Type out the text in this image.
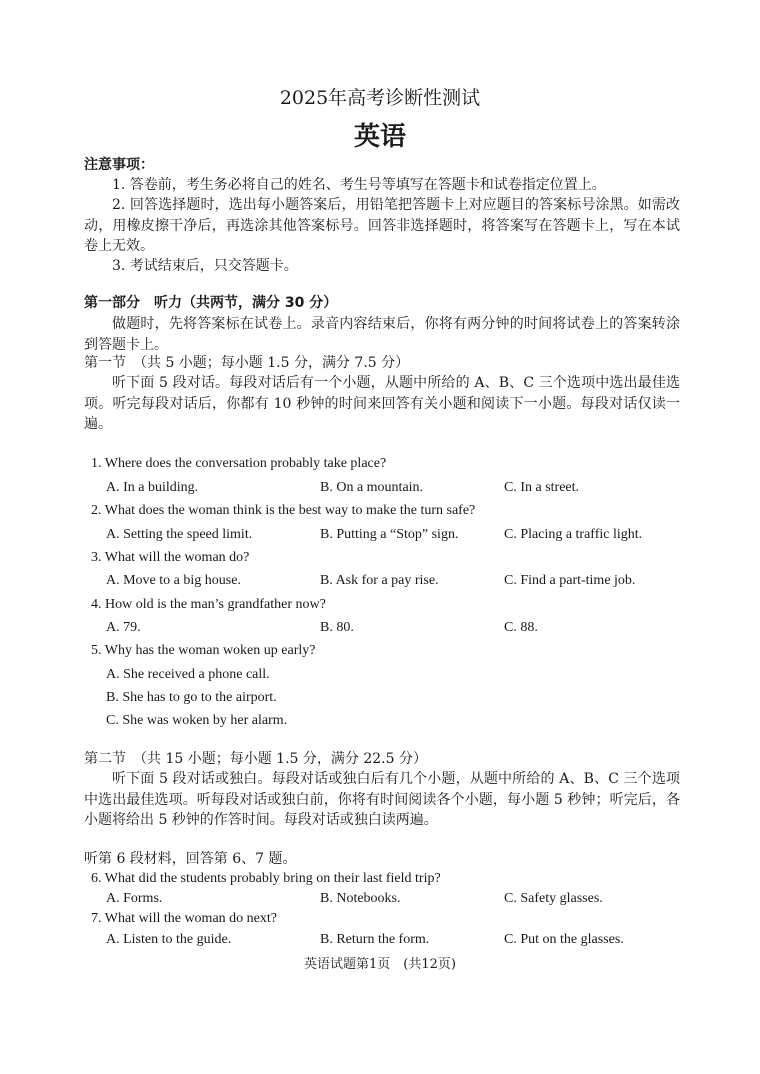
2025年高考诊断性测试
英语
注意事项：
1. 答卷前，考生务必将自己的姓名、考生号等填写在答题卡和试卷指定位置上。
2. 回答选择题时，选出每小题答案后，用铅笔把答题卡上对应题目的答案标号涂黑。如需改动，用橡皮擦干净后，再选涂其他答案标号。回答非选择题时，将答案写在答题卡上，写在本试卷上无效。
3. 考试结束后，只交答题卡。
第一部分　听力（共两节，满分 30 分）
做题时，先将答案标在试卷上。录音内容结束后，你将有两分钟的时间将试卷上的答案转涂到答题卡上。
第一节　（共 5 小题；每小题 1.5 分，满分 7.5 分）
听下面 5 段对话。每段对话后有一个小题，从题中所给的 A、B、C 三个选项中选出最佳选项。听完每段对话后，你都有 10 秒钟的时间来回答有关小题和阅读下一小题。每段对话仅读一遍。
1. Where does the conversation probably take place?
A. In a building.	B. On a mountain.	C. In a street.
2. What does the woman think is the best way to make the turn safe?
A. Setting the speed limit.	B. Putting a “Stop” sign.	C. Placing a traffic light.
3. What will the woman do?
A. Move to a big house.	B. Ask for a pay rise.	C. Find a part-time job.
4. How old is the man’s grandfather now?
A. 79.	B. 80.	C. 88.
5. Why has the woman woken up early?
A. She received a phone call.
B. She has to go to the airport.
C. She was woken by her alarm.
第二节　（共 15 小题；每小题 1.5 分，满分 22.5 分）
听下面 5 段对话或独白。每段对话或独白后有几个小题，从题中所给的 A、B、C 三个选项中选出最佳选项。听每段对话或独白前，你将有时间阅读各个小题，每小题 5 秒钟；听完后，各小题将给出 5 秒钟的作答时间。每段对话或独白读两遍。
听第 6 段材料，回答第 6、7 题。
6. What did the students probably bring on their last field trip?
A. Forms.	B. Notebooks.	C. Safety glasses.
7. What will the woman do next?
A. Listen to the guide.	B. Return the form.	C. Put on the glasses.
英语试题第1页　(共12页)
